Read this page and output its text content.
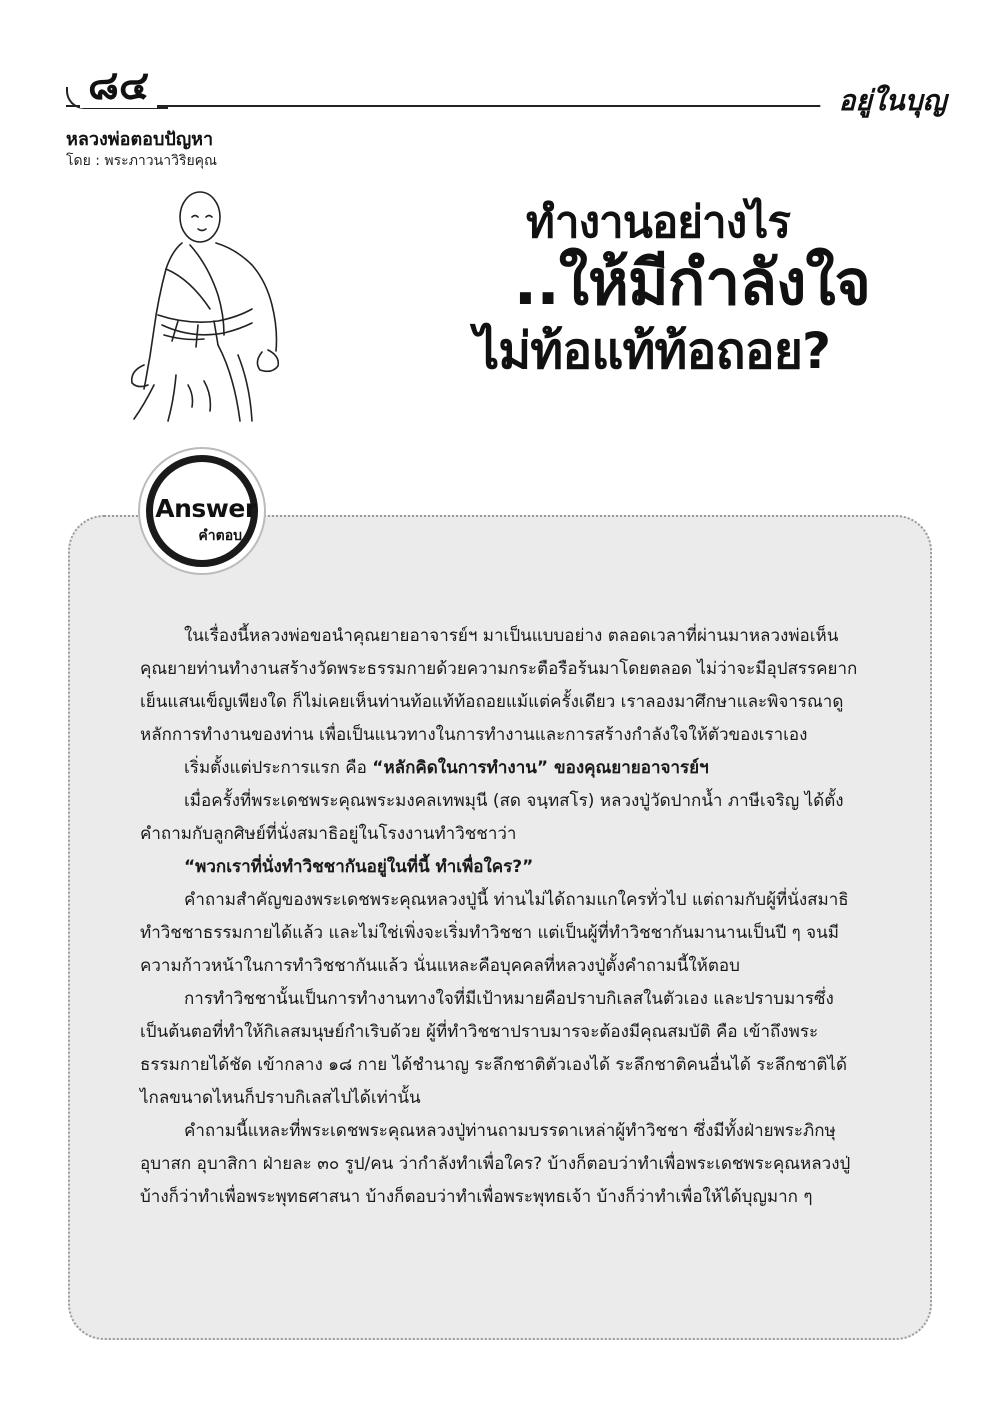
๘๔	อยู่ในบุญ
หลวงพ่อตอบปัญหา
โดย : พระภาวนาวิริยคุณ
ทำงานอย่างไร
..ให้มีกำลังใจ
ไม่ท้อแท้ท้อถอย?
Answer
คำตอบ

ในเรื่องนี้หลวงพ่อขอนำคุณยายอาจารย์ฯ มาเป็นแบบอย่าง ตลอดเวลาที่ผ่านมาหลวงพ่อเห็นคุณยายท่านทำงานสร้างวัดพระธรรมกายด้วยความกระตือรือร้นมาโดยตลอด ไม่ว่าจะมีอุปสรรคยากเย็นแสนเข็ญเพียงใด ก็ไม่เคยเห็นท่านท้อแท้ท้อถอยแม้แต่ครั้งเดียว เราลองมาศึกษาและพิจารณาดูหลักการทำงานของท่าน เพื่อเป็นแนวทางในการทำงานและการสร้างกำลังใจให้ตัวของเราเอง

เริ่มตั้งแต่ประการแรก คือ “หลักคิดในการทำงาน” ของคุณยายอาจารย์ฯ

เมื่อครั้งที่พระเดชพระคุณพระมงคลเทพมุนี (สด จนฺทสโร) หลวงปู่วัดปากน้ำ ภาษีเจริญ ได้ตั้งคำถามกับลูกศิษย์ที่นั่งสมาธิอยู่ในโรงงานทำวิชชาว่า

“พวกเราที่นั่งทำวิชชากันอยู่ในที่นี้ ทำเพื่อใคร?”

คำถามสำคัญของพระเดชพระคุณหลวงปู่นี้ ท่านไม่ได้ถามแกใครทั่วไป แต่ถามกับผู้ที่นั่งสมาธิทำวิชชาธรรมกายได้แล้ว และไม่ใช่เพิ่งจะเริ่มทำวิชชา แต่เป็นผู้ที่ทำวิชชากันมานานเป็นปี ๆ จนมีความก้าวหน้าในการทำวิชชากันแล้ว นั่นแหละคือบุคคลที่หลวงปู่ตั้งคำถามนี้ให้ตอบ

การทำวิชชานั้นเป็นการทำงานทางใจที่มีเป้าหมายคือปราบกิเลสในตัวเอง และปราบมารซึ่งเป็นต้นตอที่ทำให้กิเลสมนุษย์กำเริบด้วย ผู้ที่ทำวิชชาปราบมารจะต้องมีคุณสมบัติ คือ เข้าถึงพระธรรมกายได้ชัด เข้ากลาง ๑๘ กาย ได้ชำนาญ ระลึกชาติตัวเองได้ ระลึกชาติคนอื่นได้ ระลึกชาติได้ไกลขนาดไหนก็ปราบกิเลสไปได้เท่านั้น

คำถามนี้แหละที่พระเดชพระคุณหลวงปู่ท่านถามบรรดาเหล่าผู้ทำวิชชา ซึ่งมีทั้งฝ่ายพระภิกษุ อุบาสก อุบาสิกา ฝ่ายละ ๓๐ รูป/คน ว่ากำลังทำเพื่อใคร? บ้างก็ตอบว่าทำเพื่อพระเดชพระคุณหลวงปู่ บ้างก็ว่าทำเพื่อพระพุทธศาสนา บ้างก็ตอบว่าทำเพื่อพระพุทธเจ้า บ้างก็ว่าทำเพื่อให้ได้บุญมาก ๆ
